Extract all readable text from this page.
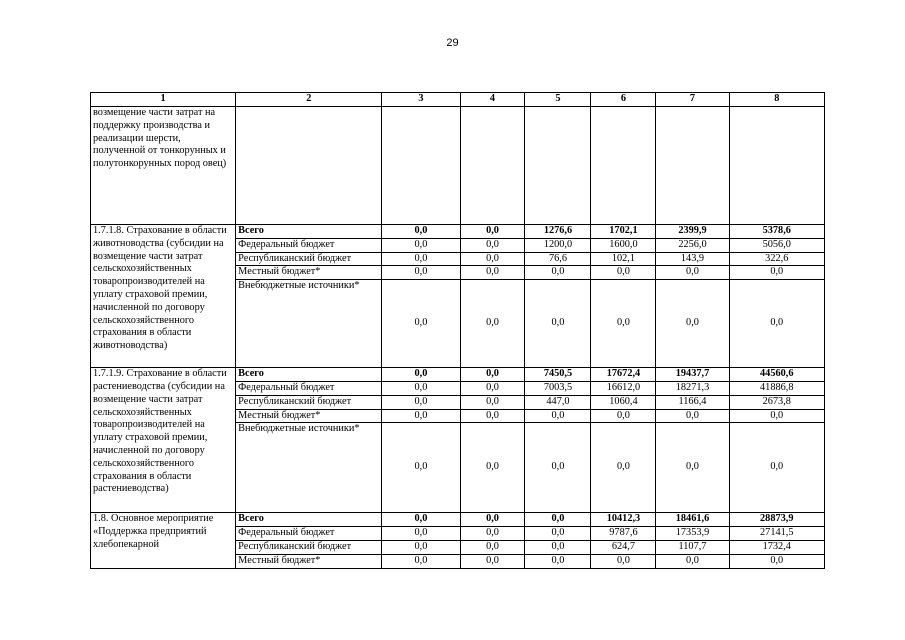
29
1	2	3	4	5	6	7	8
возмещение части затрат на поддержку производства и реализации шерсти, полученной от тонкорунных и полутонкорунных пород овец)							
1.7.1.8. Страхование в области животноводства (субсидии на возмещение части затрат сельскохозяйственных товаропроизводителей на уплату страховой премии, начисленной по договору сельскохозяйственного страхования в области животноводства)	Всего	0,0	0,0	1276,6	1702,1	2399,9	5378,6
	Федеральный бюджет	0,0	0,0	1200,0	1600,0	2256,0	5056,0
	Республиканский бюджет	0,0	0,0	76,6	102,1	143,9	322,6
	Местный бюджет*	0,0	0,0	0,0	0,0	0,0	0,0
	Внебюджетные источники*	0,0	0,0	0,0	0,0	0,0	0,0
1.7.1.9. Страхование в области растениеводства (субсидии на возмещение части затрат сельскохозяйственных товаропроизводителей на уплату страховой премии, начисленной по договору сельскохозяйственного страхования в области растениеводства)	Всего	0,0	0,0	7450,5	17672,4	19437,7	44560,6
	Федеральный бюджет	0,0	0,0	7003,5	16612,0	18271,3	41886,8
	Республиканский бюджет	0,0	0,0	447,0	1060,4	1166,4	2673,8
	Местный бюджет*	0,0	0,0	0,0	0,0	0,0	0,0
	Внебюджетные источники*	0,0	0,0	0,0	0,0	0,0	0,0
1.8. Основное мероприятие «Поддержка предприятий хлебопекарной	Всего	0,0	0,0	0,0	10412,3	18461,6	28873,9
	Федеральный бюджет	0,0	0,0	0,0	9787,6	17353,9	27141,5
	Республиканский бюджет	0,0	0,0	0,0	624,7	1107,7	1732,4
	Местный бюджет*	0,0	0,0	0,0	0,0	0,0	0,0
